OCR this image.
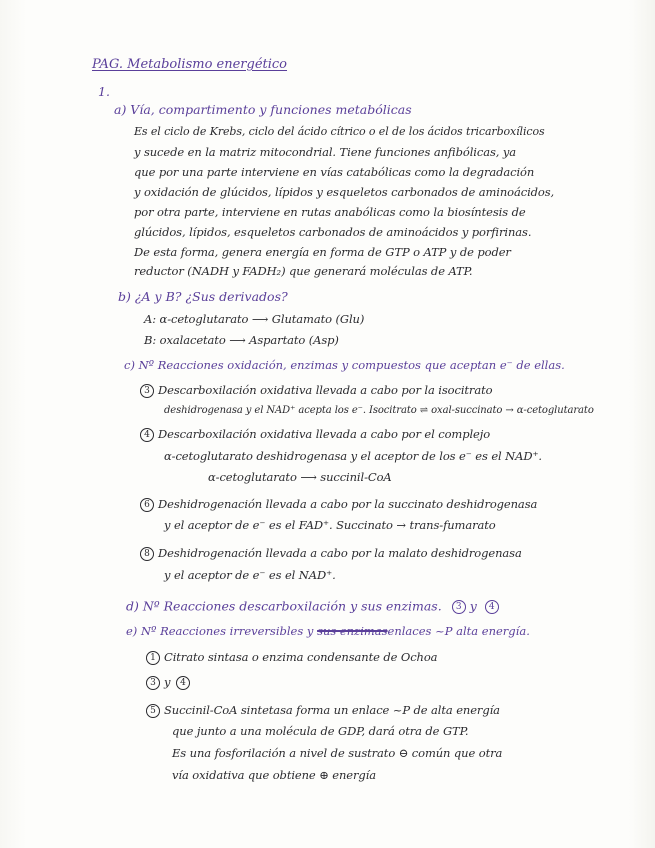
PAG. Metabolismo energético
1.
a) Vía, compartimento y funciones metabólicas
Es el ciclo de Krebs, ciclo del ácido cítrico o el de los ácidos tricarboxílicos
y sucede en la matriz mitocondrial. Tiene funciones anfibólicas, ya
que por una parte interviene en vías catabólicas como la degradación
y oxidación de glúcidos, lípidos y esqueletos carbonados de aminoácidos,
por otra parte, interviene en rutas anabólicas como la biosíntesis de
glúcidos, lípidos, esqueletos carbonados de aminoácidos y porfirinas.
De esta forma, genera energía en forma de GTP o ATP y de poder
reductor (NADH y FADH₂) que generará moléculas de ATP.
b) ¿A y B? ¿Sus derivados?
A: α-cetoglutarato ⟶ Glutamato (Glu)
B: oxalacetato ⟶ Aspartato (Asp)
c) Nº Reacciones oxidación, enzimas y compuestos que aceptan e⁻ de ellas.
3 Descarboxilación oxidativa llevada a cabo por la isocitrato
deshidrogenasa y el NAD⁺ acepta los e⁻. Isocitrato ⇌ oxal-succinato → α-cetoglutarato
4 Descarboxilación oxidativa llevada a cabo por el complejo
α-cetoglutarato deshidrogenasa y el aceptor de los e⁻ es el NAD⁺.
α-cetoglutarato ⟶ succinil-CoA
6 Deshidrogenación llevada a cabo por la succinato deshidrogenasa
y el aceptor de e⁻ es el FAD⁺. Succinato → trans-fumarato
8 Deshidrogenación llevada a cabo por la malato deshidrogenasa
y el aceptor de e⁻ es el NAD⁺.
d) Nº Reacciones descarboxilación y sus enzimas. 3 y 4
e) Nº Reacciones irreversibles y sus enzimasenlaces ~P alta energía.
1 Citrato sintasa o enzima condensante de Ochoa
3 y 4
5 Succinil-CoA sintetasa forma un enlace ~P de alta energía
que junto a una molécula de GDP, dará otra de GTP.
Es una fosforilación a nivel de sustrato ⊖ común que otra
vía oxidativa que obtiene ⊕ energía
